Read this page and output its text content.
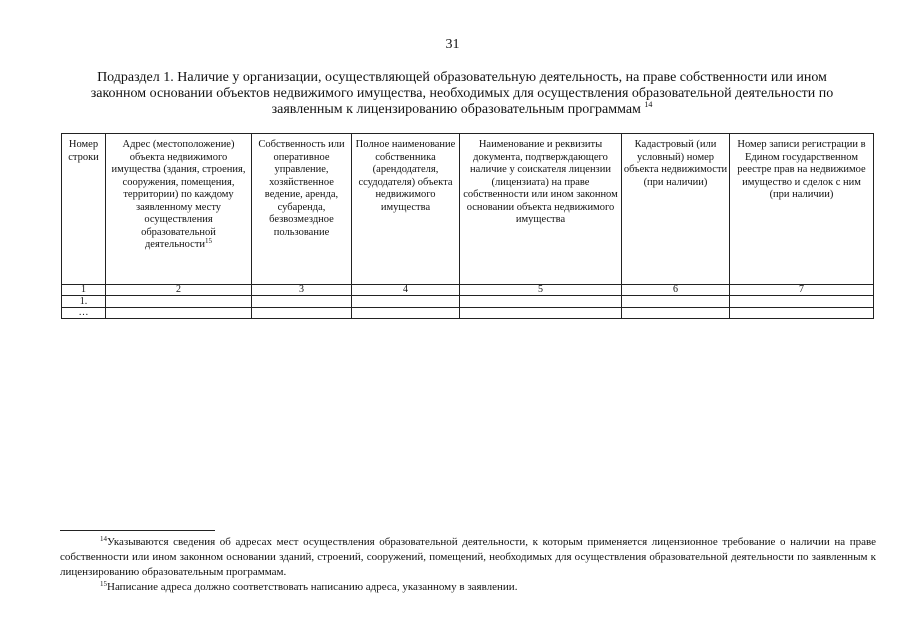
31
Подраздел 1. Наличие у организации, осуществляющей образовательную деятельность, на праве собственности или ином законном основании объектов недвижимого имущества, необходимых для осуществления образовательной деятельности по заявленным к лицензированию образовательным программам $^{14}$
Номер строки	Адрес (местоположение) объекта недвижимого имущества (здания, строения, сооружения, помещения, территории) по каждому заявленному месту осуществления образовательной деятельности$^{15}$	Собственность или оперативное управление, хозяйственное ведение, аренда, субаренда, безвозмездное пользование	Полное наименование собственника (арендодателя, ссудодателя) объекта недвижимого имущества	Наименование и реквизиты документа, подтверждающего наличие у соискателя лицензии (лицензиата) на праве собственности или ином законном основании объекта недвижимого имущества	Кадастровый (или условный) номер объекта недвижимости (при наличии)	Номер записи регистрации в Едином государственном реестре прав на недвижимое имущество и сделок с ним (при наличии)
1	2	3	4	5	6	7
1.						
…						

$^{14}$Указываются сведения об адресах мест осуществления образовательной деятельности, к которым применяется лицензионное требование о наличии на праве собственности или ином законном основании зданий, строений, сооружений, помещений, необходимых для осуществления образовательной деятельности по заявленным к лицензированию образовательным программам.

$^{15}$Написание адреса должно соответствовать написанию адреса, указанному в заявлении.
